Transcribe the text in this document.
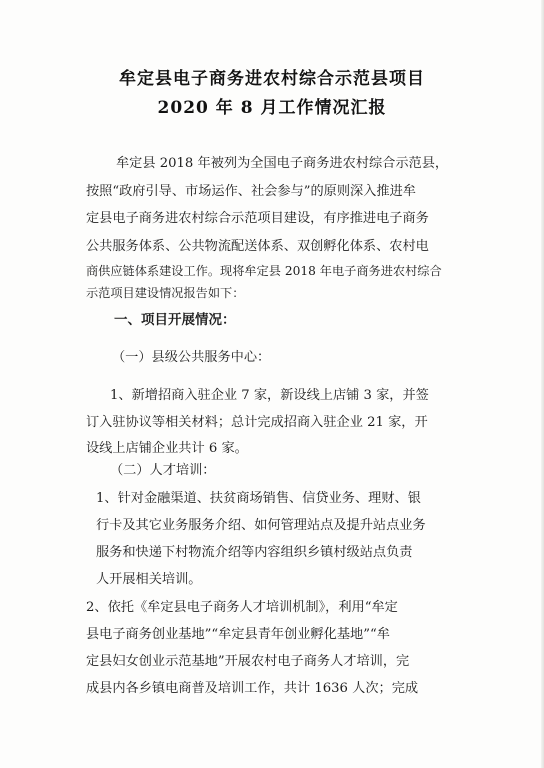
牟定县电子商务进农村综合示范县项目
2020 年 8 月工作情况汇报
牟定县 2018 年被列为全国电子商务进农村综合示范县，
按照“政府引导、市场运作、社会参与”的原则深入推进牟
定县电子商务进农村综合示范项目建设，有序推进电子商务
公共服务体系、公共物流配送体系、双创孵化体系、农村电
商供应链体系建设工作。现将牟定县 2018 年电子商务进农村综合
示范项目建设情况报告如下：
一、项目开展情况：
（一）县级公共服务中心：
1、新增招商入驻企业 7 家，新设线上店铺 3 家，并签
订入驻协议等相关材料；总计完成招商入驻企业 21 家，开
设线上店铺企业共计 6 家。
（二）人才培训：
1、针对金融渠道、扶贫商场销售、信贷业务、理财、银
行卡及其它业务服务介绍、如何管理站点及提升站点业务
服务和快递下村物流介绍等内容组织乡镇村级站点负责
人开展相关培训。
2、依托《牟定县电子商务人才培训机制》，利用“牟定
县电子商务创业基地”“牟定县青年创业孵化基地”“牟
定县妇女创业示范基地”开展农村电子商务人才培训，完
成县内各乡镇电商普及培训工作，共计 1636 人次；完成
